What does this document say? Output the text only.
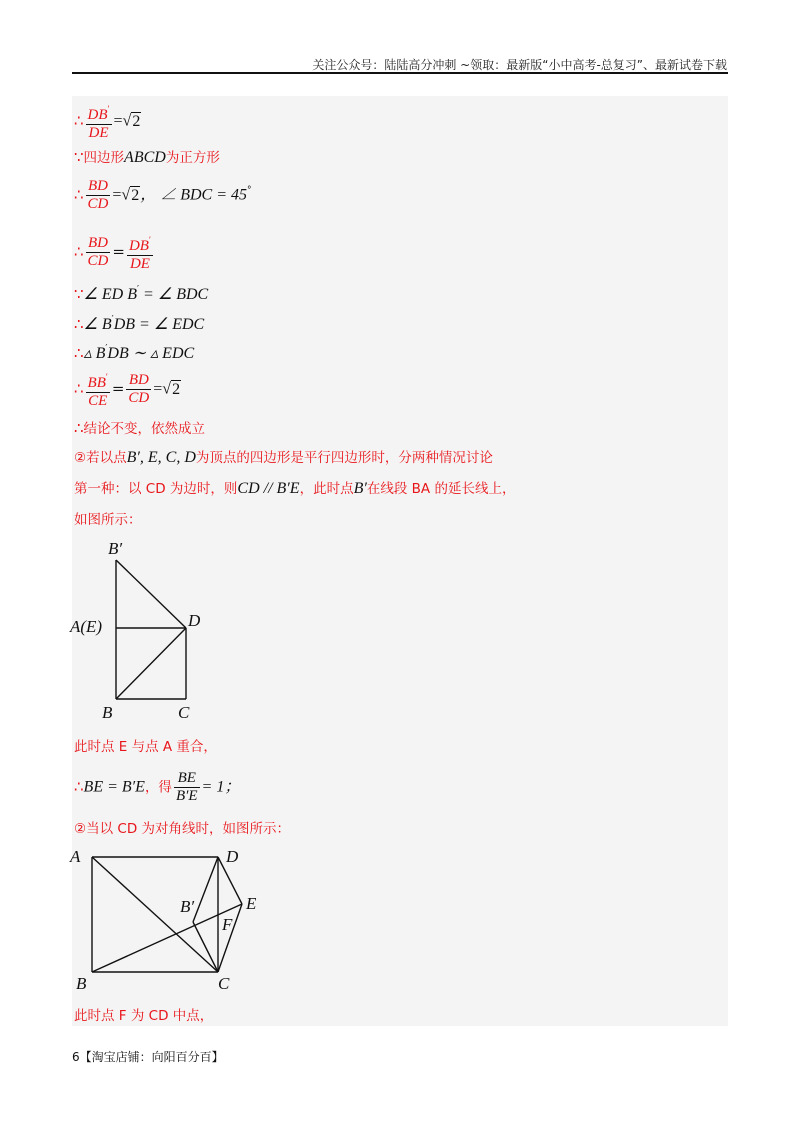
关注公众号：陆陆高分冲刺 ~领取：最新版“小中高考-总复习”、最新试卷下载
∴ $\frac{DB'}{DE} =√2$
∵四边形ABCD为正方形
∴ $\frac{BD}{CD} =√2$， ∠ BDC = 45°
∴ $\frac{BD}{CD} = \frac{DB'}{DE}$
∵∠ ED B′ = ∠ BDC
∴∠ B′DB = ∠ EDC
∴▵ B′DB ∼ ▵ EDC
∴ $\frac{BB'}{CE} = \frac{BD}{CD} =√2$
∴结论不变，依然成立
②若以点B′, E, C, D为顶点的四边形是平行四边形时，分两种情况讨论
第一种：以 CD 为边时，则CD // B′E，此时点B′在线段 BA 的延长线上，
如图所示：
B′
A(E)	D
B	C
此时点 E 与点 A 重合，
∴BE = B′E，得 $\frac{BE}{B'E} = 1$；
②当以 CD 为对角线时，如图所示：
A	D
B′	E
F
B	C
此时点 F 为 CD 中点，
6【淘宝店铺：向阳百分百】
